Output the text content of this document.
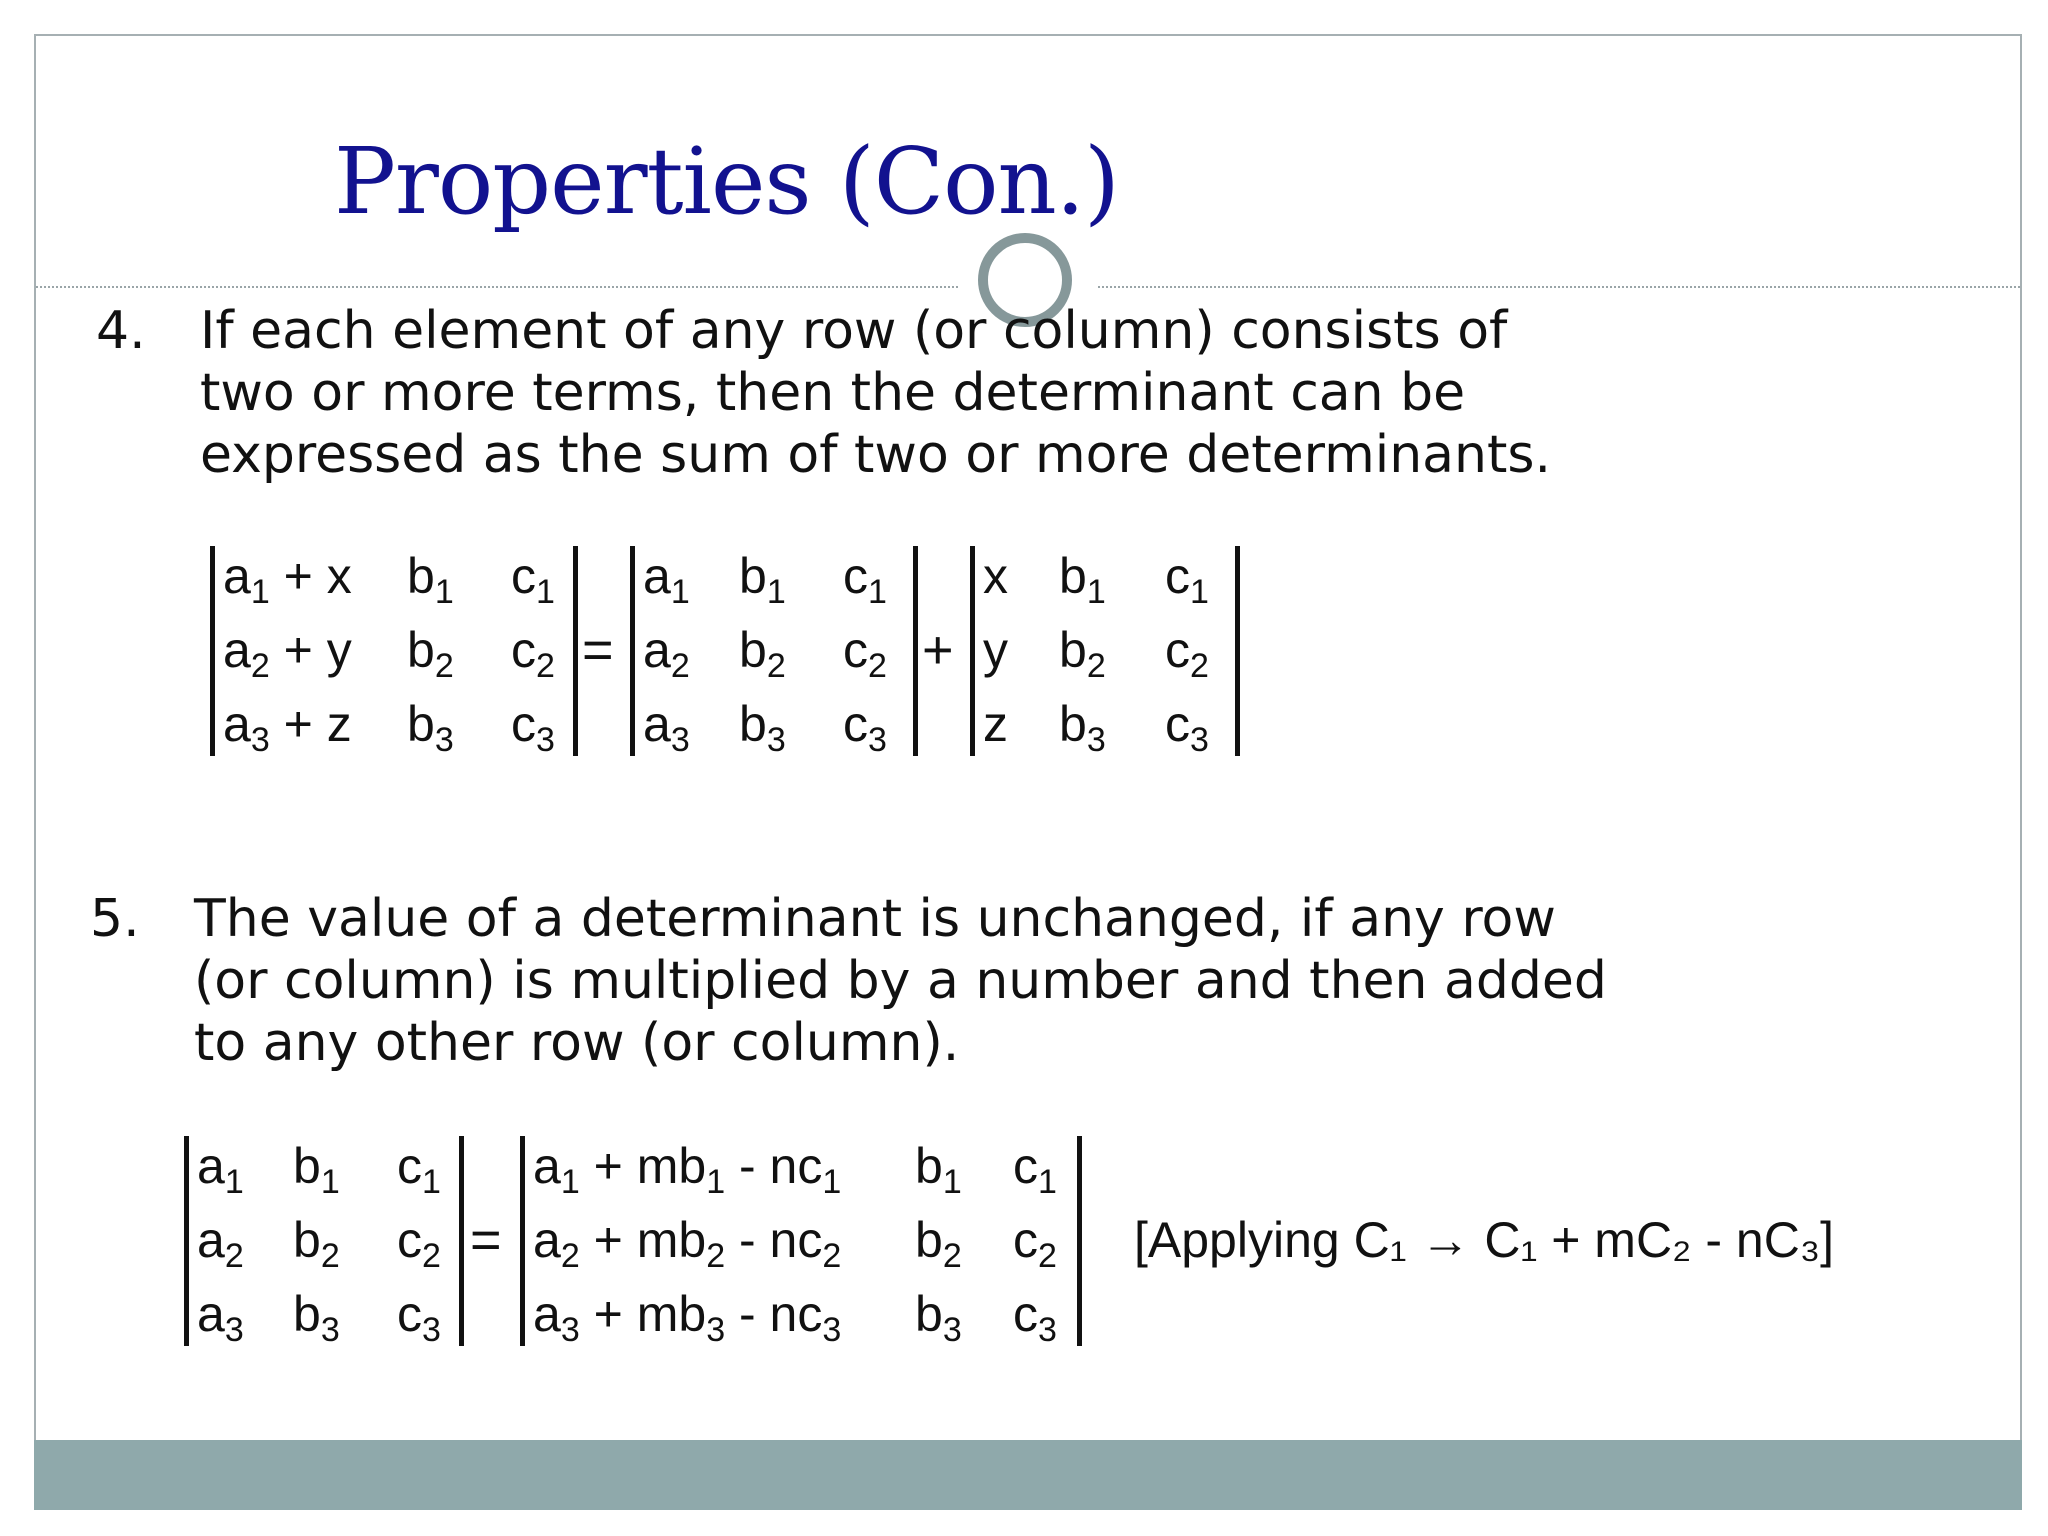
Properties (Con.)
4. If each element of any row (or column) consists of
two or more terms, then the determinant can be
expressed as the sum of two or more determinants.
$a_1 + x$ $b_1$ $c_1$
$a_2 + y$ $b_2$ $c_2$
$a_3 + z$ $b_3$ $c_3$
=
$a_1$ $b_1$ $c_1$
$a_2$ $b_2$ $c_2$
$a_3$ $b_3$ $c_3$
+
x $b_1$ $c_1$
y $b_2$ $c_2$
z $b_3$ $c_3$
5. The value of a determinant is unchanged, if any row
(or column) is multiplied by a number and then added
to any other row (or column).
$a_1$ $b_1$ $c_1$
$a_2$ $b_2$ $c_2$
$a_3$ $b_3$ $c_3$
=
$a_1 + mb_1 - nc_1$ $b_1$ $c_1$
$a_2 + mb_2 - nc_2$ $b_2$ $c_2$
$a_3 + mb_3 - nc_3$ $b_3$ $c_3$
[Applying C₁ → C₁ + mC₂ - nC₃]
